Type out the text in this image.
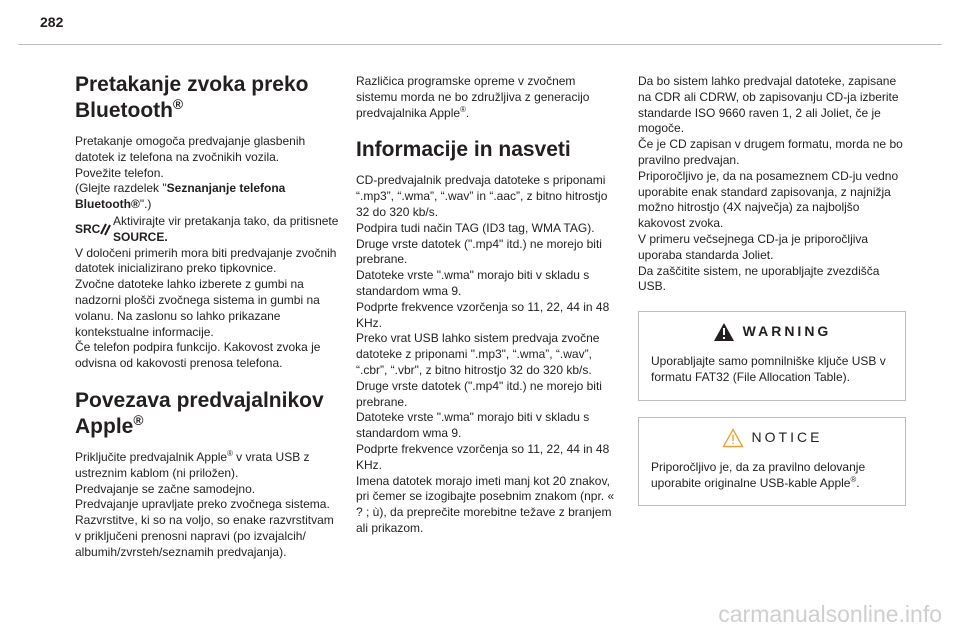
282
Pretakanje zvoka preko
Bluetooth®

Pretakanje omogoča predvajanje glasbenih datotek iz telefona na zvočnikih vozila.

Povežite telefon.

(Glejte razdelek "Seznanjanje telefona Bluetooth®".)

SRC
Aktivirajte vir pretakanja tako, da pritisnete SOURCE.

V določeni primerih mora biti predvajanje zvočnih datotek inicializirano preko tipkovnice.

Zvočne datoteke lahko izberete z gumbi na nadzorni plošči zvočnega sistema in gumbi na volanu. Na zaslonu so lahko prikazane kontekstualne informacije.

Če telefon podpira funkcijo. Kakovost zvoka je odvisna od kakovosti prenosa telefona.

Povezava predvajalnikov
Apple®

Priključite predvajalnik Apple® v vrata USB z ustreznim kablom (ni priložen).

Predvajanje se začne samodejno.

Predvajanje upravljate preko zvočnega sistema.

Razvrstitve, ki so na voljo, so enake razvrstitvam v priključeni prenosni napravi (po izvajalcih/ albumih/zvrsteh/seznamih predvajanja).

Različica programske opreme v zvočnem sistemu morda ne bo združljiva z generacijo predvajalnika Apple®.

Informacije in nasveti

CD-predvajalnik predvaja datoteke s priponami “.mp3”, “.wma”, “.wav” in “.aac”, z bitno hitrostjo 32 do 320 kb/s.

Podpira tudi način TAG (ID3 tag, WMA TAG).

Druge vrste datotek (".mp4" itd.) ne morejo biti prebrane.

Datoteke vrste ".wma" morajo biti v skladu s standardom wma 9.

Podprte frekvence vzorčenja so 11, 22, 44 in 48 KHz.

Preko vrat USB lahko sistem predvaja zvočne datoteke z priponami ".mp3", “.wma”, “.wav”, “.cbr”, “.vbr", z bitno hitrostjo 32 do 320 kb/s.

Druge vrste datotek (".mp4" itd.) ne morejo biti prebrane.

Datoteke vrste ".wma" morajo biti v skladu s standardom wma 9.

Podprte frekvence vzorčenja so 11, 22, 44 in 48 KHz.

Imena datotek morajo imeti manj kot 20 znakov, pri čemer se izogibajte posebnim znakom (npr. « ? ; ù), da preprečite morebitne težave z branjem ali prikazom.

Da bo sistem lahko predvajal datoteke, zapisane na CDR ali CDRW, ob zapisovanju CD-ja izberite standarde ISO 9660 raven 1, 2 ali Joliet, če je mogoče.

Če je CD zapisan v drugem formatu, morda ne bo pravilno predvajan.

Priporočljivo je, da na posameznem CD-ju vedno uporabite enak standard zapisovanja, z najnižja možno hitrostjo (4X največja) za najboljšo kakovost zvoka.

V primeru večsejnega CD-ja je priporočljiva uporaba standarda Joliet.

Da zaščitite sistem, ne uporabljajte zvezdišča USB.

WARNING

Uporabljajte samo pomnilniške ključe USB v formatu FAT32 (File Allocation Table).

NOTICE

Priporočljivo je, da za pravilno delovanje uporabite originalne USB-kable Apple®.

carmanualsonline.info
